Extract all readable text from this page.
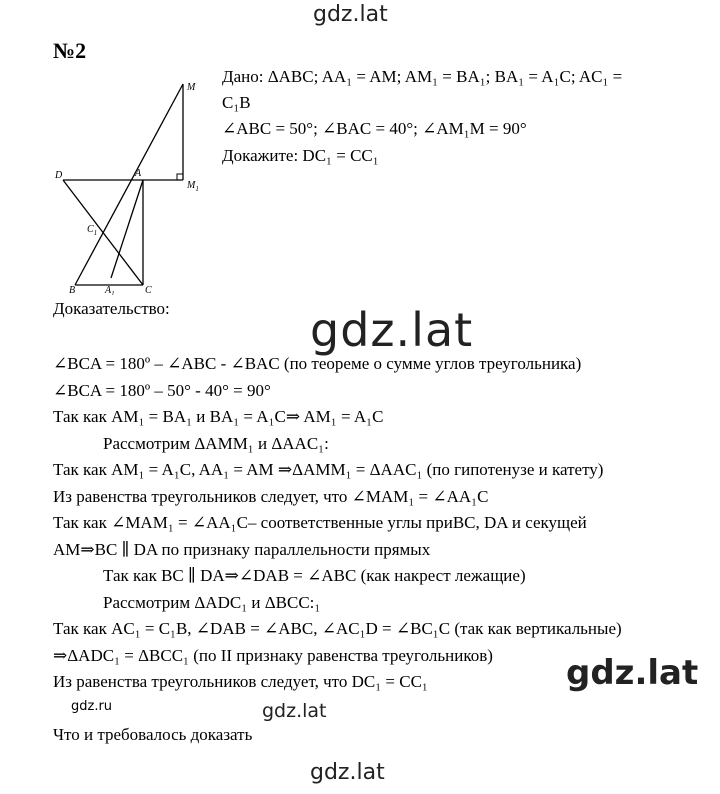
gdz.lat
№2
M
D	A
$M_1$
$C_1$
B	$A_1$	C
Дано: ΔABC; AA₁ = AM; AM₁ = BA₁; BA₁ = A₁C; AC₁ =
C₁B
∠ABC = 50°; ∠BAC = 40°; ∠AM₁M = 90°
Докажите: DC₁ = CC₁
Доказательство:	gdz.lat
∠BCA = 180º – ∠ABC - ∠BAC (по теореме о сумме углов треугольника)
∠BCA = 180º – 50° - 40° = 90°
Так как AM₁ = BA₁ и BA₁ = A₁C⇒ AM₁ = A₁C
Рассмотрим ΔAMM₁ и ΔAAC₁:
Так как AM₁ = A₁C, AA₁ = AM ⇒ΔAMM₁ = ΔAAC₁ (по гипотенузе и катету)
Из равенства треугольников следует, что ∠MAM₁ = ∠AA₁C
Так как ∠MAM₁ = ∠AA₁C– соответственные углы приBC, DA и секущей
AM⇒BC ∥ DA по признаку параллельности прямых
Так как BC ∥ DA⇒∠DAB = ∠ABC (как накрест лежащие)
Рассмотрим ΔADC₁ и ΔBCC:₁
Так как AC₁ = C₁B, ∠DAB = ∠ABC, ∠AC₁D = ∠BC₁C (так как вертикальные)
⇒ΔADC₁ = ΔBCC₁ (по II признаку равенства треугольников) gdz.lat
Из равенства треугольников следует, что DC₁ = CC₁
gdz.ru	gdz.lat
Что и требовалось доказать
gdz.lat
